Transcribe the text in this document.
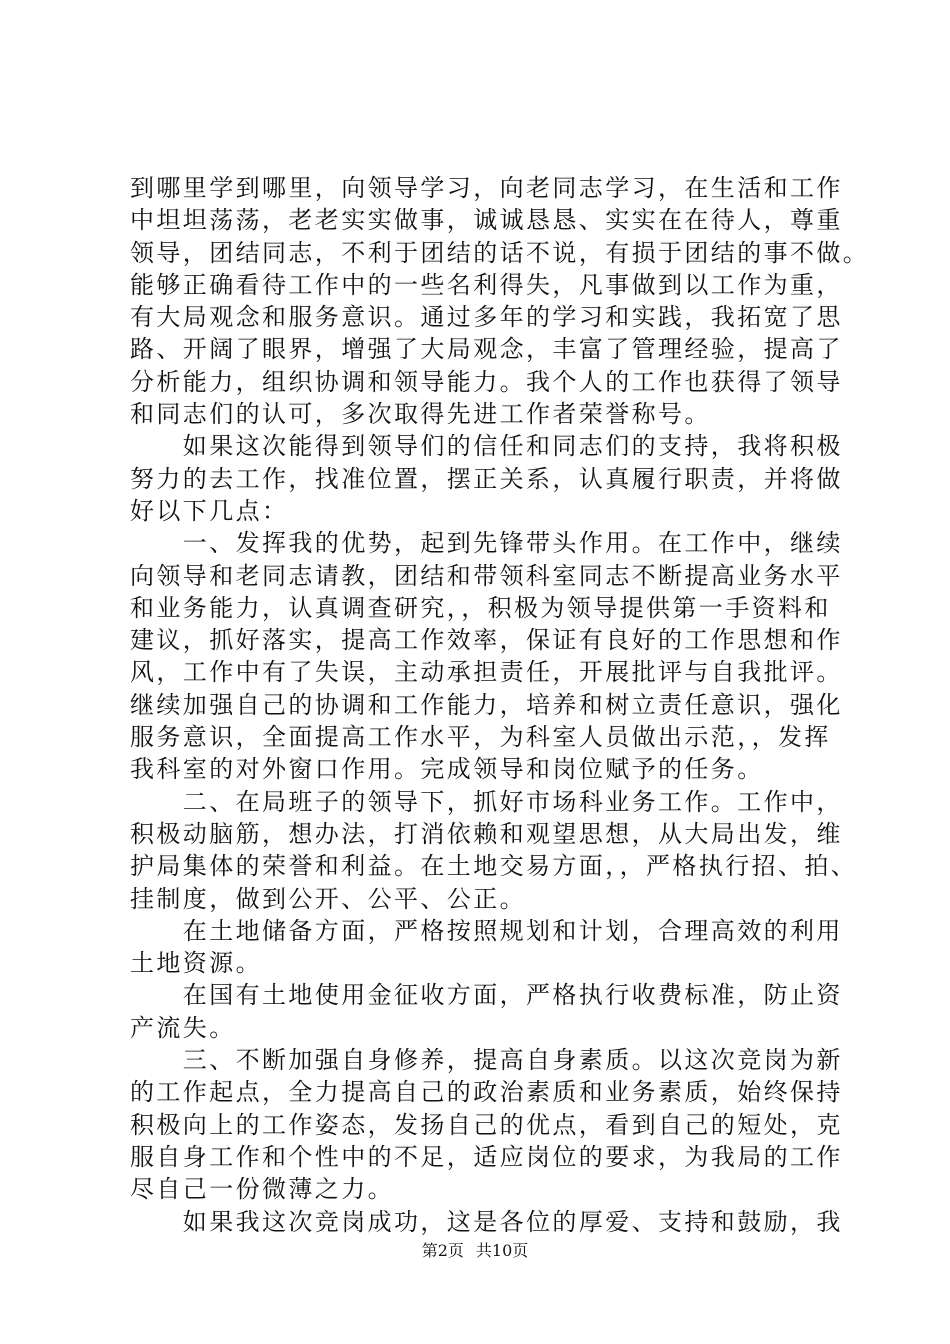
到哪里学到哪里，向领导学习，向老同志学习，在生活和工作
中坦坦荡荡，老老实实做事，诚诚恳恳、实实在在待人，尊重
领导，团结同志，不利于团结的话不说，有损于团结的事不做。
能够正确看待工作中的一些名利得失，凡事做到以工作为重，
有大局观念和服务意识。通过多年的学习和实践，我拓宽了思
路、开阔了眼界，增强了大局观念，丰富了管理经验，提高了
分析能力，组织协调和领导能力。我个人的工作也获得了领导
和同志们的认可，多次取得先进工作者荣誉称号。
　　如果这次能得到领导们的信任和同志们的支持，我将积极
努力的去工作，找准位置，摆正关系，认真履行职责，并将做
好以下几点：
　　一、发挥我的优势，起到先锋带头作用。在工作中，继续
向领导和老同志请教，团结和带领科室同志不断提高业务水平
和业务能力，认真调查研究，，积极为领导提供第一手资料和
建议，抓好落实，提高工作效率，保证有良好的工作思想和作
风，工作中有了失误，主动承担责任，开展批评与自我批评。
继续加强自己的协调和工作能力，培养和树立责任意识，强化
服务意识，全面提高工作水平，为科室人员做出示范，，发挥
我科室的对外窗口作用。完成领导和岗位赋予的任务。
　　二、在局班子的领导下，抓好市场科业务工作。工作中，
积极动脑筋，想办法，打消依赖和观望思想，从大局出发，维
护局集体的荣誉和利益。在土地交易方面，，严格执行招、拍、
挂制度，做到公开、公平、公正。
　　在土地储备方面，严格按照规划和计划，合理高效的利用
土地资源。
　　在国有土地使用金征收方面，严格执行收费标准，防止资
产流失。
　　三、不断加强自身修养，提高自身素质。以这次竞岗为新
的工作起点，全力提高自己的政治素质和业务素质，始终保持
积极向上的工作姿态，发扬自己的优点，看到自己的短处，克
服自身工作和个性中的不足，适应岗位的要求，为我局的工作
尽自己一份微薄之力。
　　如果我这次竞岗成功，这是各位的厚爱、支持和鼓励，我
第2页 共10页
